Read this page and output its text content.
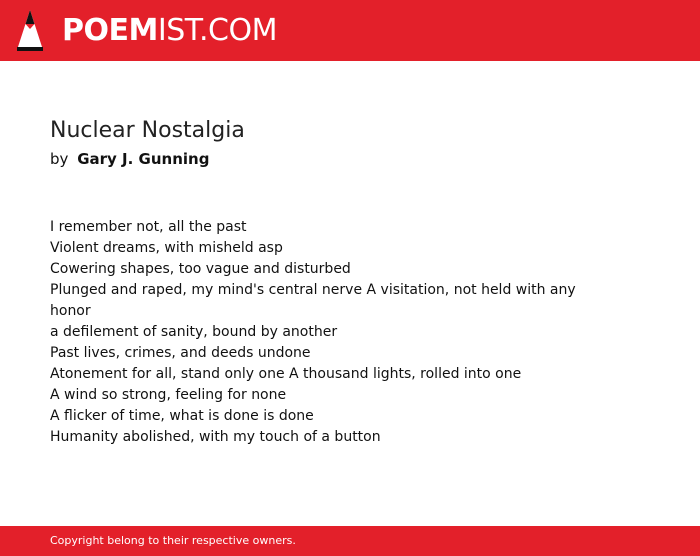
POEMIST.COM
Nuclear Nostalgia
by Gary J. Gunning
I remember not, all the past
Violent dreams, with misheld asp
Cowering shapes, too vague and disturbed
Plunged and raped, my mind's central nerve A visitation, not held with any
honor
a defilement of sanity, bound by another
Past lives, crimes, and deeds undone
Atonement for all, stand only one A thousand lights, rolled into one
A wind so strong, feeling for none
A flicker of time, what is done is done
Humanity abolished, with my touch of a button
Copyright belong to their respective owners.
